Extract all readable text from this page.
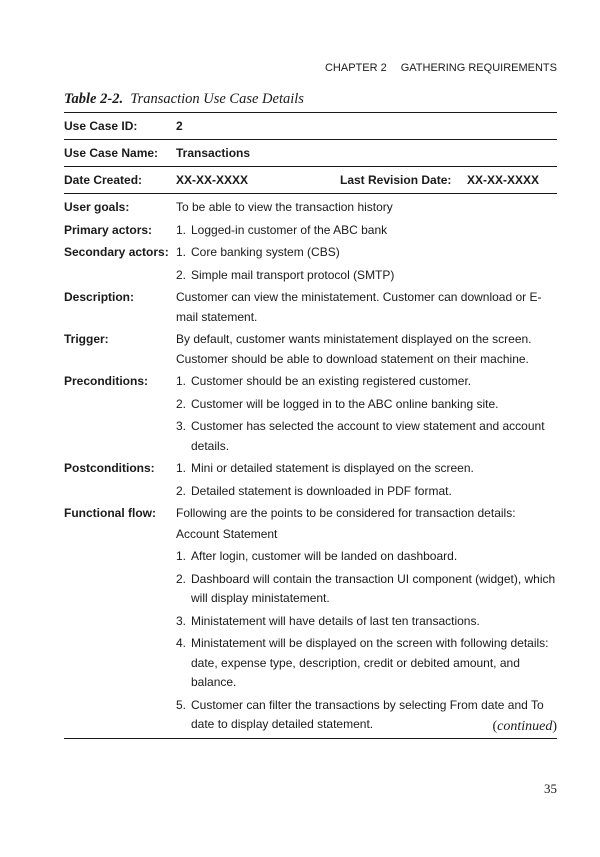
CHAPTER 2 GATHERING REQUIREMENTS
Table 2-2. Transaction Use Case Details
Use Case ID:	2
Use Case Name: Transactions
Date Created:	XX-XX-XXXX	Last Revision Date: XX-XX-XXXX
User goals:	To be able to view the transaction history

Primary actors:	1. Logged-in customer of the ABC bank
Secondary actors: 1. Core banking system (CBS)
2. Simple mail transport protocol (SMTP)
Description:	Customer can view the ministatement. Customer can download or E-mail statement.

Trigger:	By default, customer wants ministatement displayed on the screen.

Customer should be able to download statement on their machine.

Preconditions:	1. Customer should be an existing registered customer.
2. Customer will be logged in to the ABC online banking site.
3. Customer has selected the account to view statement and account details.
Postconditions:	1. Mini or detailed statement is displayed on the screen.
2. Detailed statement is downloaded in PDF format.
Functional flow:	Following are the points to be considered for transaction details:

Account Statement

1. After login, customer will be landed on dashboard.
2. Dashboard will contain the transaction UI component (widget), which will display ministatement.
3. Ministatement will have details of last ten transactions.
4. Ministatement will be displayed on the screen with following details: date, expense type, description, credit or debited amount, and balance.
5. Customer can filter the transactions by selecting From date and To date to display detailed statement.	(continued)
35
